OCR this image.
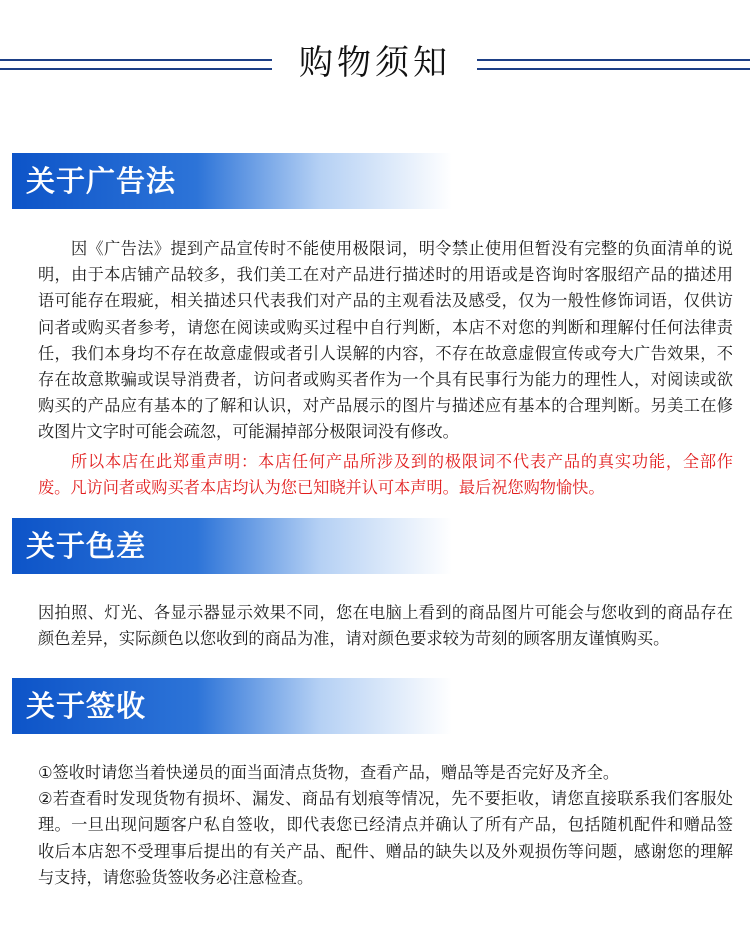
购物须知
关于广告法

因《广告法》提到产品宣传时不能使用极限词，明令禁止使用但暂没有完整的负面清单的说明，由于本店铺产品较多，我们美工在对产品进行描述时的用语或是咨询时客服绍产品的描述用语可能存在瑕疵，相关描述只代表我们对产品的主观看法及感受，仅为一般性修饰词语，仅供访问者或购买者参考，请您在阅读或购买过程中自行判断，本店不对您的判断和理解付任何法律责任，我们本身均不存在故意虚假或者引人误解的内容，不存在故意虚假宣传或夸大广告效果，不存在故意欺骗或误导消费者，访问者或购买者作为一个具有民事行为能力的理性人，对阅读或欲购买的产品应有基本的了解和认识，对产品展示的图片与描述应有基本的合理判断。另美工在修改图片文字时可能会疏忽，可能漏掉部分极限词没有修改。

所以本店在此郑重声明：本店任何产品所涉及到的极限词不代表产品的真实功能，全部作废。凡访问者或购买者本店均认为您已知晓并认可本声明。最后祝您购物愉快。

关于色差

因拍照、灯光、各显示器显示效果不同，您在电脑上看到的商品图片可能会与您收到的商品存在颜色差异，实际颜色以您收到的商品为准，请对颜色要求较为苛刻的顾客朋友谨慎购买。

关于签收

①签收时请您当着快递员的面当面清点货物，查看产品，赠品等是否完好及齐全。

②若查看时发现货物有损坏、漏发、商品有划痕等情况，先不要拒收，请您直接联系我们客服处理。一旦出现问题客户私自签收，即代表您已经清点并确认了所有产品，包括随机配件和赠品签收后本店恕不受理事后提出的有关产品、配件、赠品的缺失以及外观损伤等问题，感谢您的理解与支持，请您验货签收务必注意检查。
